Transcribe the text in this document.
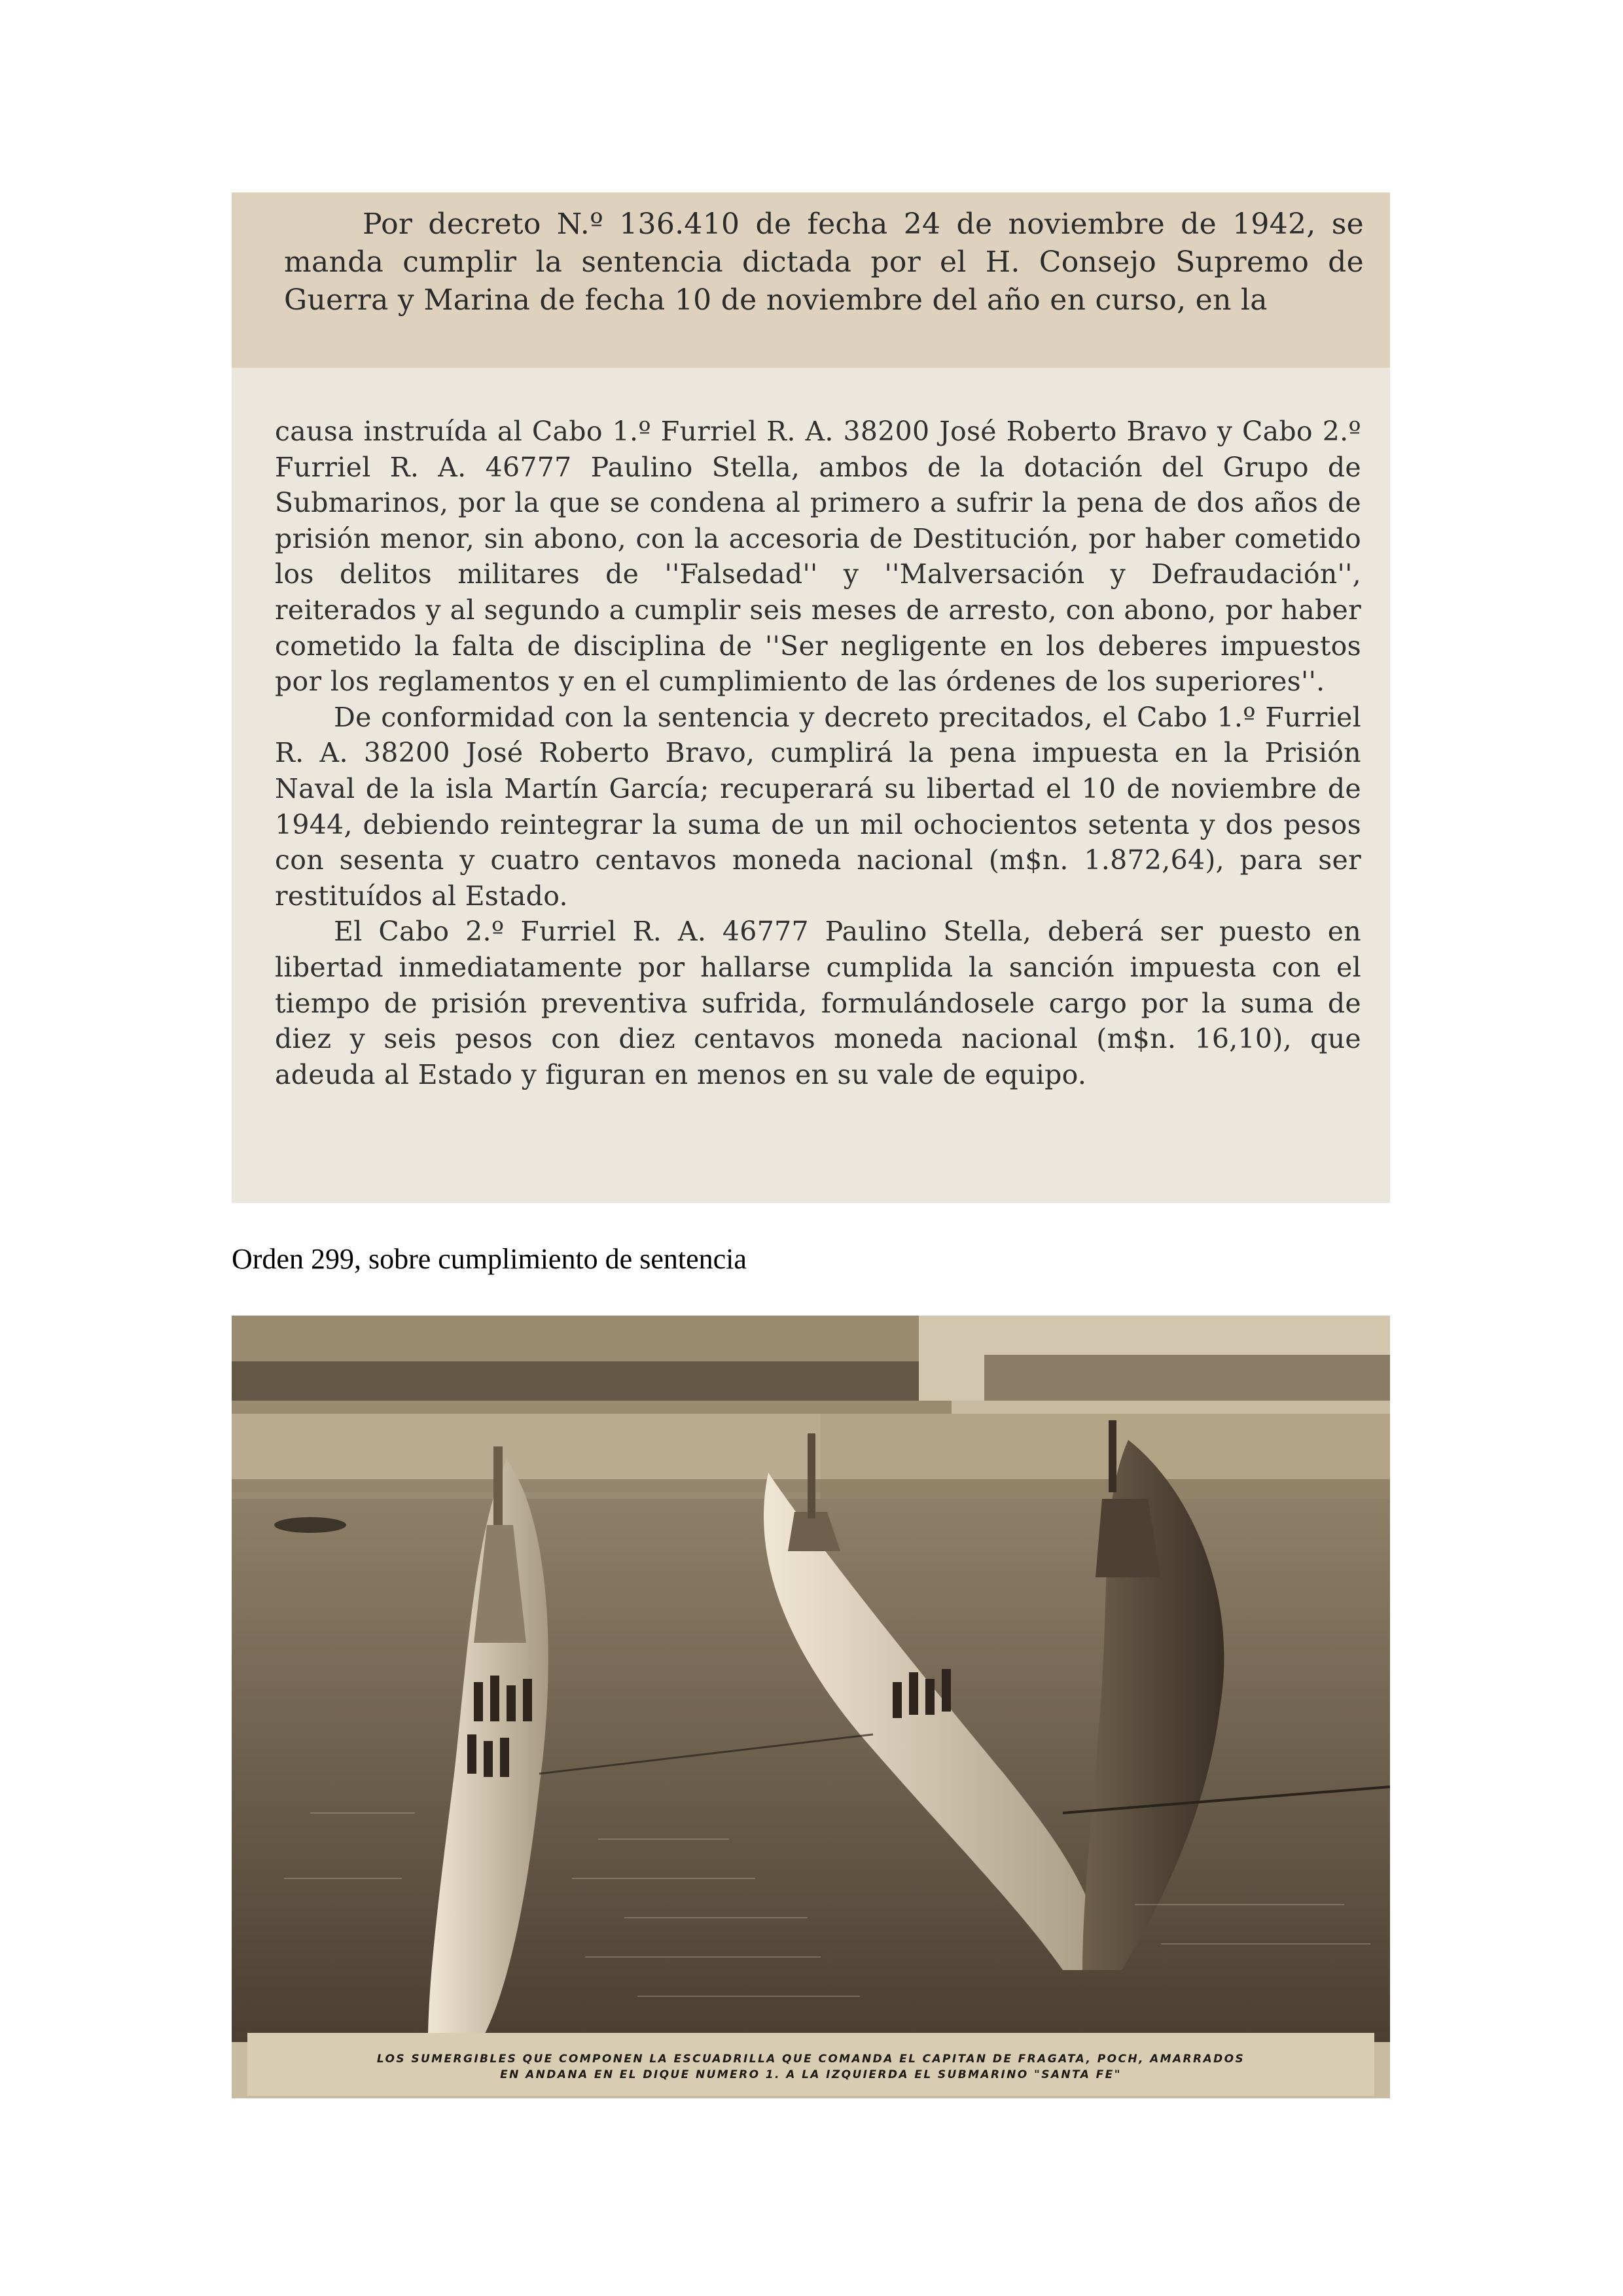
Por decreto N.º 136.410 de fecha 24 de noviembre de 1942, se manda cumplir la sentencia dictada por el H. Consejo Supremo de Guerra y Marina de fecha 10 de noviembre del año en curso, en la

causa instruída al Cabo 1.º Furriel R. A. 38200 José Roberto Bravo y Cabo 2.º Furriel R. A. 46777 Paulino Stella, ambos de la dotación del Grupo de Submarinos, por la que se condena al primero a sufrir la pena de dos años de prisión menor, sin abono, con la accesoria de Destitución, por haber cometido los delitos militares de ''Falsedad'' y ''Malversación y Defraudación'', reiterados y al segundo a cumplir seis meses de arresto, con abono, por haber cometido la falta de disciplina de ''Ser negligente en los deberes impuestos por los reglamentos y en el cumplimiento de las órdenes de los superiores''.

De conformidad con la sentencia y decreto precitados, el Cabo 1.º Furriel R. A. 38200 José Roberto Bravo, cumplirá la pena impuesta en la Prisión Naval de la isla Martín García; recuperará su libertad el 10 de noviembre de 1944, debiendo reintegrar la suma de un mil ochocientos setenta y dos pesos con sesenta y cuatro centavos moneda nacional (m$n. 1.872,64), para ser restituídos al Estado.

El Cabo 2.º Furriel R. A. 46777 Paulino Stella, deberá ser puesto en libertad inmediatamente por hallarse cumplida la sanción impuesta con el tiempo de prisión preventiva sufrida, formulándosele cargo por la suma de diez y seis pesos con diez centavos moneda nacional (m$n. 16,10), que adeuda al Estado y figuran en menos en su vale de equipo.

Orden 299, sobre cumplimiento de sentencia
LOS SUMERGIBLES QUE COMPONEN LA ESCUADRILLA QUE COMANDA EL CAPITAN DE FRAGATA, POCH, AMARRADOS
EN ANDANA EN EL DIQUE NUMERO 1. A LA IZQUIERDA EL SUBMARINO "SANTA FE"
